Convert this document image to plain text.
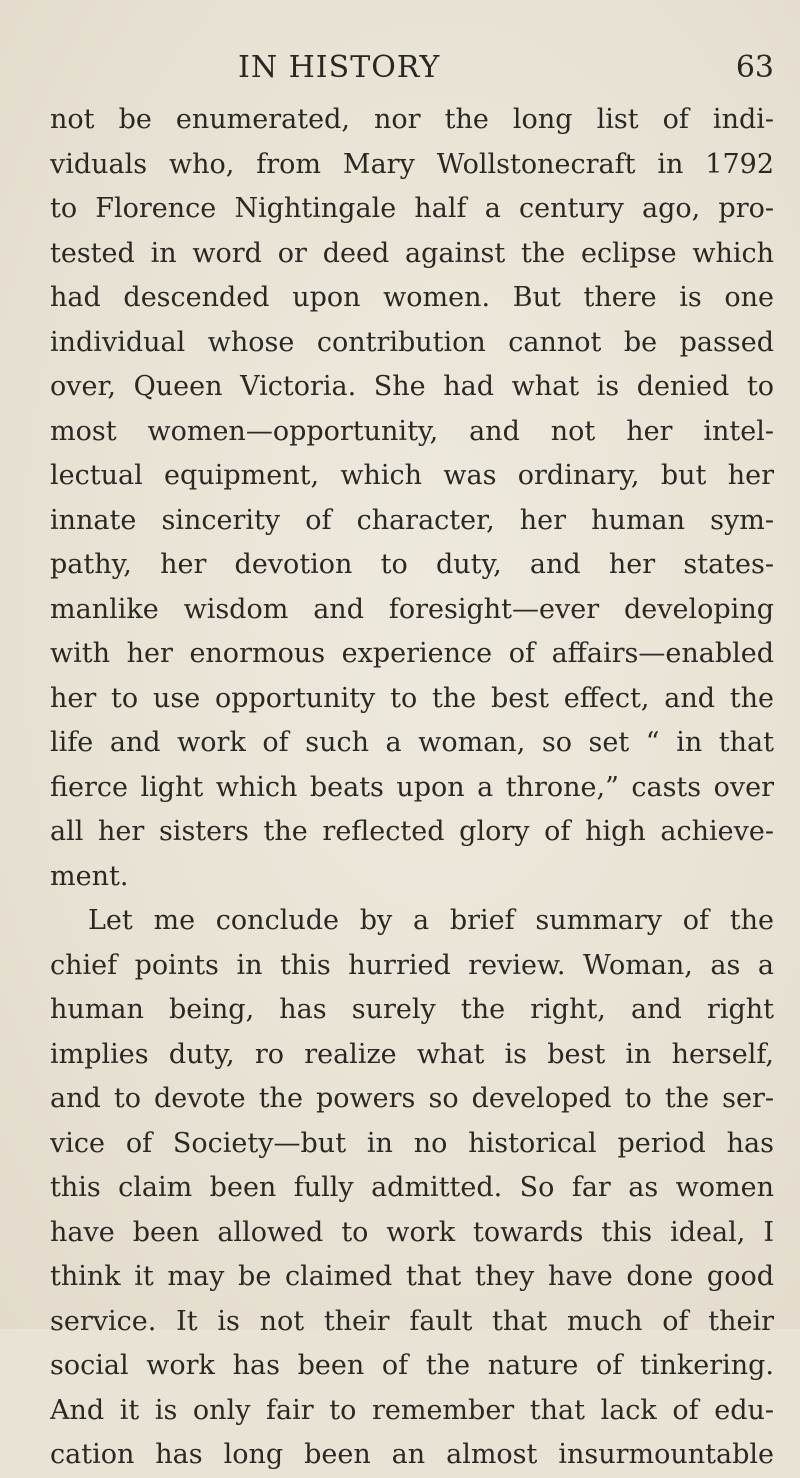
IN HISTORY	63
not be enumerated, nor the long list of indi-
viduals who, from Mary Wollstonecraft in 1792
to Florence Nightingale half a century ago, pro-
tested in word or deed against the eclipse which
had descended upon women. But there is one
individual whose contribution cannot be passed
over, Queen Victoria. She had what is denied to
most women—opportunity, and not her intel-
lectual equipment, which was ordinary, but her
innate sincerity of character, her human sym-
pathy, her devotion to duty, and her states-
manlike wisdom and foresight—ever developing
with her enormous experience of affairs—enabled
her to use opportunity to the best effect, and the
life and work of such a woman, so set “ in that
fierce light which beats upon a throne,” casts over
all her sisters the reflected glory of high achieve-
ment.
Let me conclude by a brief summary of the
chief points in this hurried review. Woman, as a
human being, has surely the right, and right
implies duty, ro realize what is best in herself,
and to devote the powers so developed to the ser-
vice of Society—but in no historical period has
this claim been fully admitted. So far as women
have been allowed to work towards this ideal, I
think it may be claimed that they have done good
service. It is not their fault that much of their
social work has been of the nature of tinkering.
And it is only fair to remember that lack of edu-
cation has long been an almost insurmountable
